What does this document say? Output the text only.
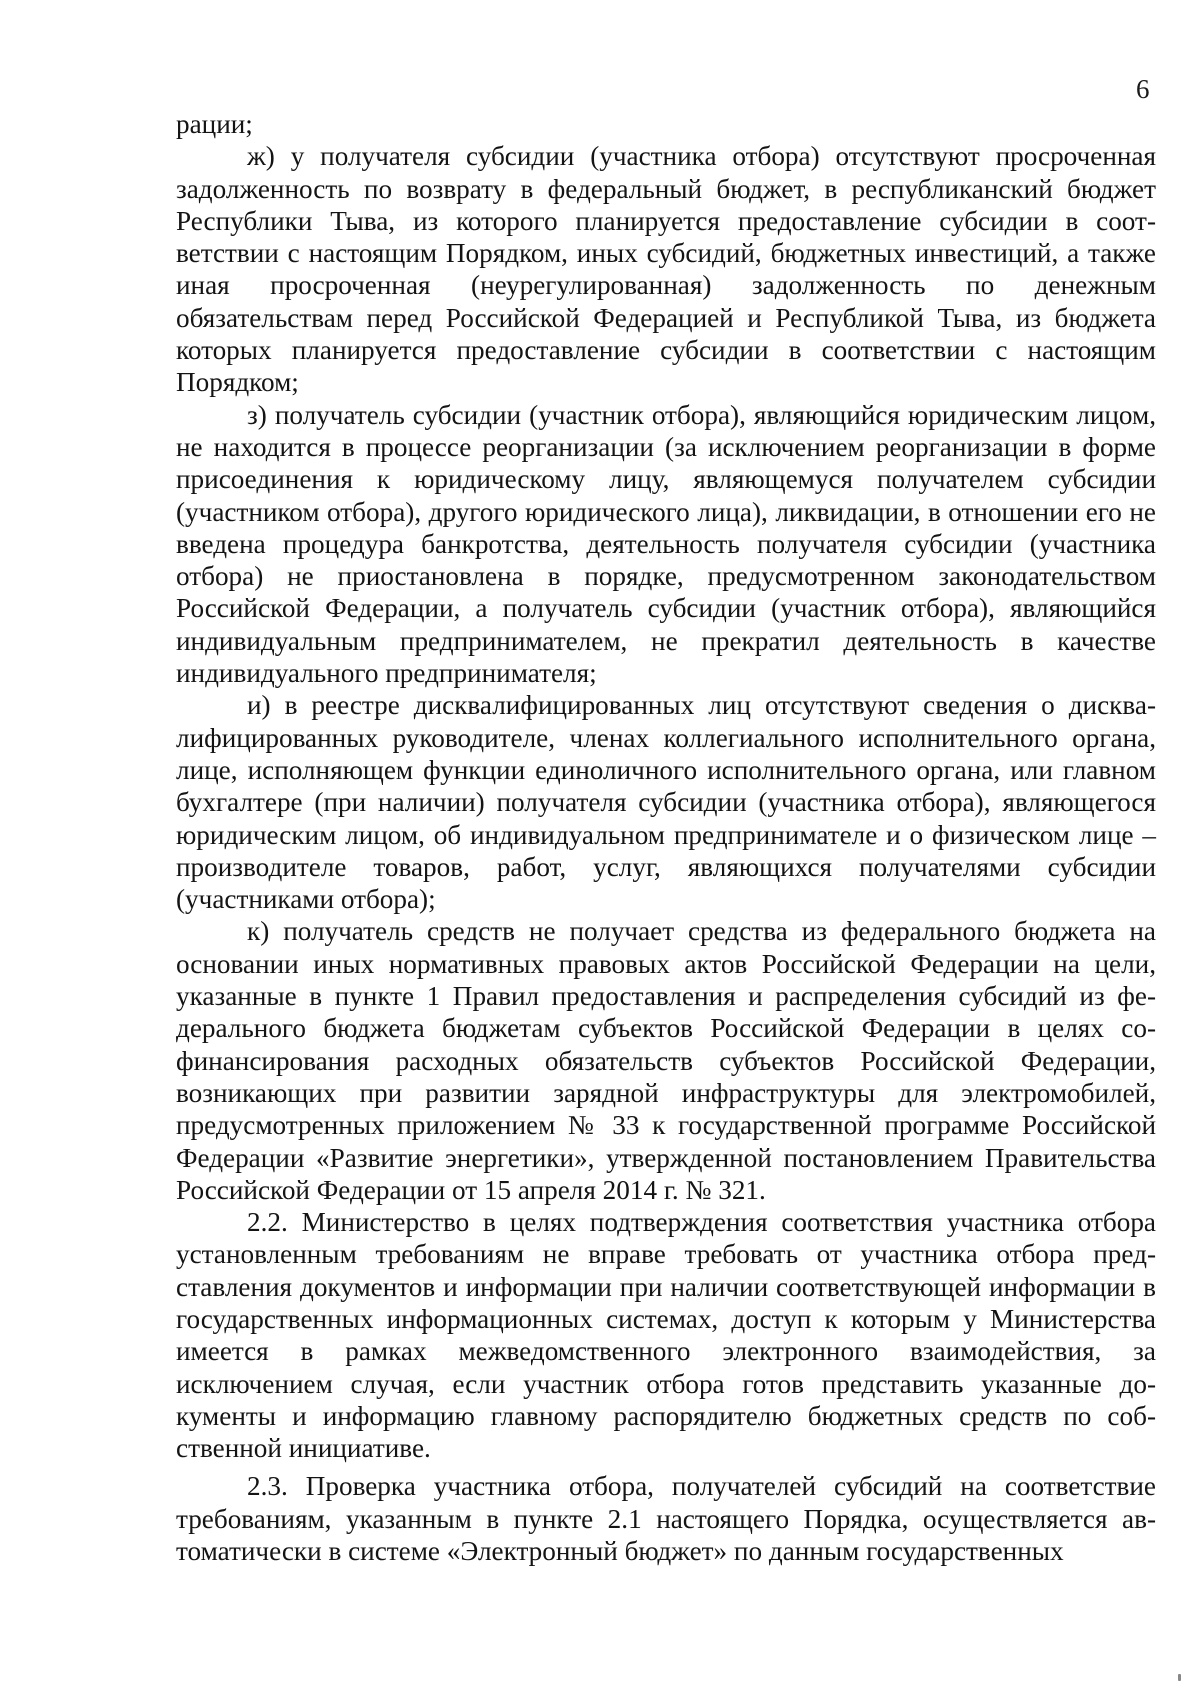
6

рации;

ж) у получателя субсидии (участника отбора) отсутствуют просроченная задолженность по возврату в федеральный бюджет, в республиканский бюджет Республики Тыва, из которого планируется предоставление субсидии в соответствии с настоящим Порядком, иных субсидий, бюджетных инвестиций, а также иная просроченная (неурегулированная) задолженность по денежным обязательствам перед Российской Федерацией и Республикой Тыва, из бюджета которых планируется предоставление субсидии в соответствии с настоящим Порядком;

з) получатель субсидии (участник отбора), являющийся юридическим лицом, не находится в процессе реорганизации (за исключением реорганизации в форме присоединения к юридическому лицу, являющемуся получателем субсидии (участником отбора), другого юридического лица), ликвидации, в отношении его не введена процедура банкротства, деятельность получателя субсидии (участника отбора) не приостановлена в порядке, предусмотренном законодательством Российской Федерации, а получатель субсидии (участник отбора), являющийся индивидуальным предпринимателем, не прекратил деятельность в качестве индивидуального предпринимателя;

и) в реестре дисквалифицированных лиц отсутствуют сведения о дисквалифицированных руководителе, членах коллегиального исполнительного органа, лице, исполняющем функции единоличного исполнительного органа, или главном бухгалтере (при наличии) получателя субсидии (участника отбора), являющегося юридическим лицом, об индивидуальном предпринимателе и о физическом лице – производителе товаров, работ, услуг, являющихся получателями субсидии (участниками отбора);

к) получатель средств не получает средства из федерального бюджета на основании иных нормативных правовых актов Российской Федерации на цели, указанные в пункте 1 Правил предоставления и распределения субсидий из федерального бюджета бюджетам субъектов Российской Федерации в целях софинансирования расходных обязательств субъектов Российской Федерации, возникающих при развитии зарядной инфраструктуры для электромобилей, предусмотренных приложением № 33 к государственной программе Российской Федерации «Развитие энергетики», утвержденной постановлением Правительства Российской Федерации от 15 апреля 2014 г. № 321.

2.2. Министерство в целях подтверждения соответствия участника отбора установленным требованиям не вправе требовать от участника отбора представления документов и информации при наличии соответствующей информации в государственных информационных системах, доступ к которым у Министерства имеется в рамках межведомственного электронного взаимодействия, за исключением случая, если участник отбора готов представить указанные документы и информацию главному распорядителю бюджетных средств по собственной инициативе.

2.3. Проверка участника отбора, получателей субсидий на соответствие требованиям, указанным в пункте 2.1 настоящего Порядка, осуществляется автоматически в системе «Электронный бюджет» по данным государственных
